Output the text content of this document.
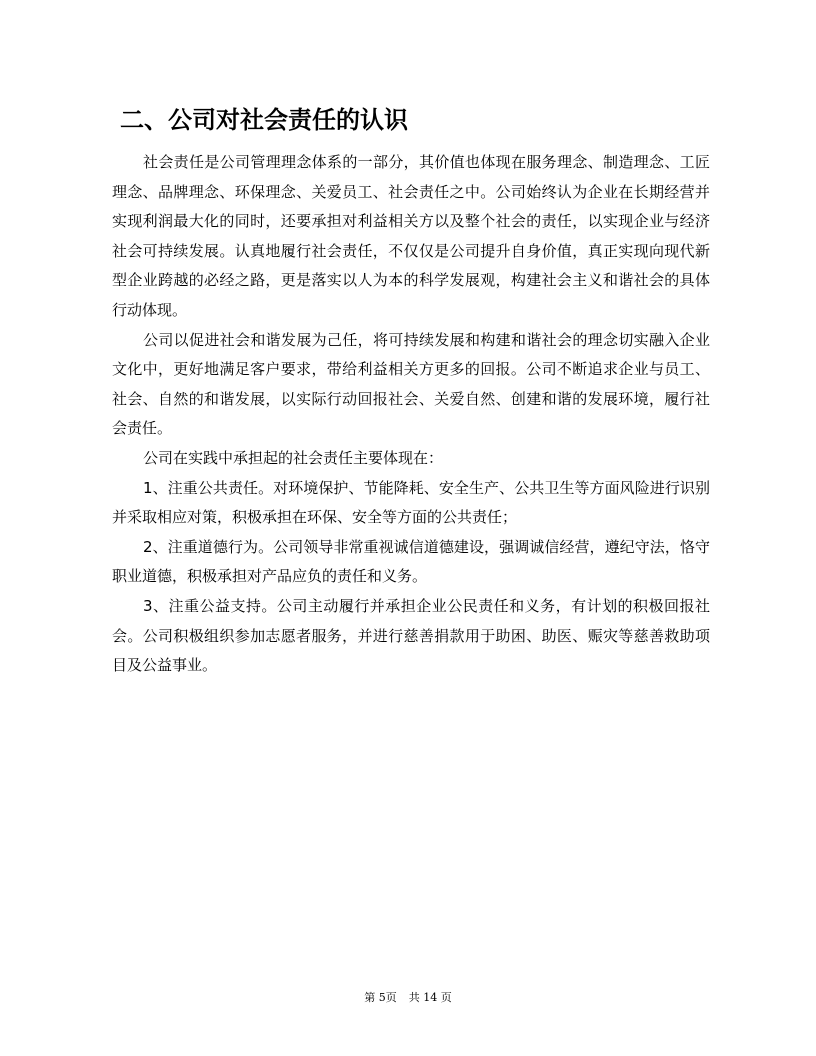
二、公司对社会责任的认识

社会责任是公司管理理念体系的一部分，其价值也体现在服务理念、制造理念、工匠理念、品牌理念、环保理念、关爱员工、社会责任之中。公司始终认为企业在长期经营并实现利润最大化的同时，还要承担对利益相关方以及整个社会的责任，以实现企业与经济社会可持续发展。认真地履行社会责任，不仅仅是公司提升自身价值，真正实现向现代新型企业跨越的必经之路，更是落实以人为本的科学发展观，构建社会主义和谐社会的具体行动体现。

公司以促进社会和谐发展为己任，将可持续发展和构建和谐社会的理念切实融入企业文化中，更好地满足客户要求，带给利益相关方更多的回报。公司不断追求企业与员工、社会、自然的和谐发展，以实际行动回报社会、关爱自然、创建和谐的发展环境，履行社会责任。

公司在实践中承担起的社会责任主要体现在：

1、注重公共责任。对环境保护、节能降耗、安全生产、公共卫生等方面风险进行识别并采取相应对策，积极承担在环保、安全等方面的公共责任；

2、注重道德行为。公司领导非常重视诚信道德建设，强调诚信经营，遵纪守法，恪守职业道德，积极承担对产品应负的责任和义务。

3、注重公益支持。公司主动履行并承担企业公民责任和义务，有计划的积极回报社会。公司积极组织参加志愿者服务，并进行慈善捐款用于助困、助医、赈灾等慈善救助项目及公益事业。

第 5页 共 14 页
